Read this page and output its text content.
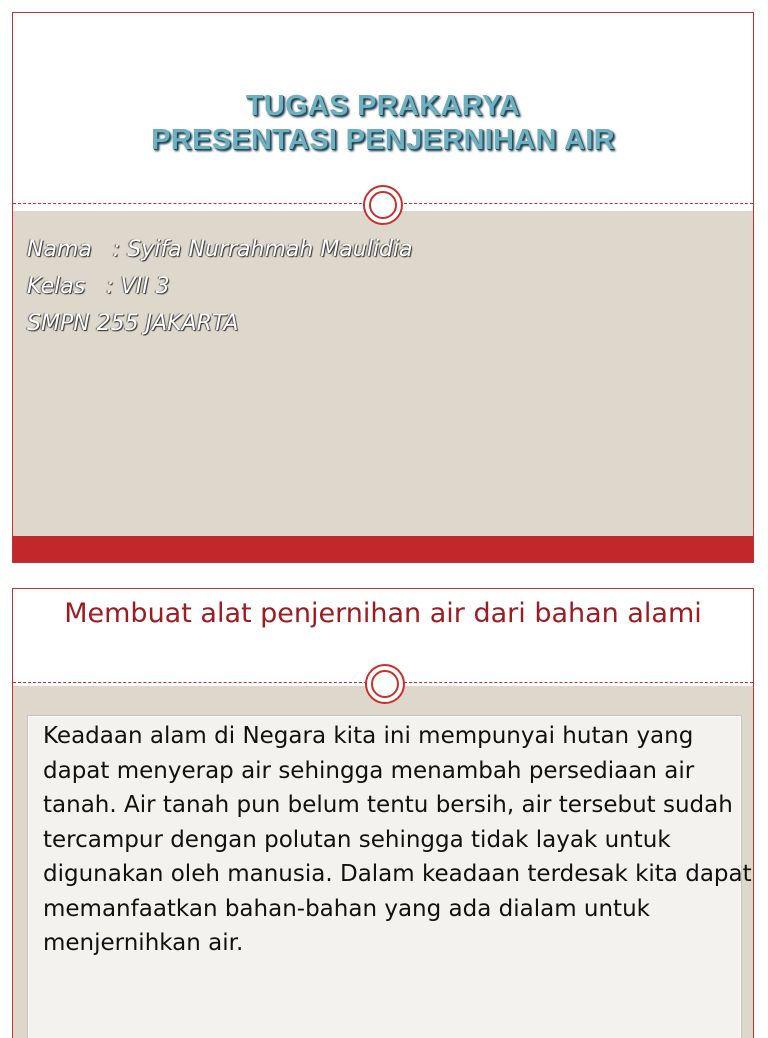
TUGAS PRAKARYA
PRESENTASI PENJERNIHAN AIR
Nama   : Syifa Nurrahmah Maulidia
Kelas   : VII 3
SMPN 255 JAKARTA
Membuat alat penjernihan air dari bahan alami

Keadaan alam di Negara kita ini mempunyai hutan yang dapat menyerap air sehingga menambah persediaan air tanah. Air tanah pun belum tentu bersih, air tersebut sudah tercampur dengan polutan sehingga tidak layak untuk digunakan oleh manusia. Dalam keadaan terdesak kita dapat memanfaatkan bahan-bahan yang ada dialam untuk menjernihkan air.
